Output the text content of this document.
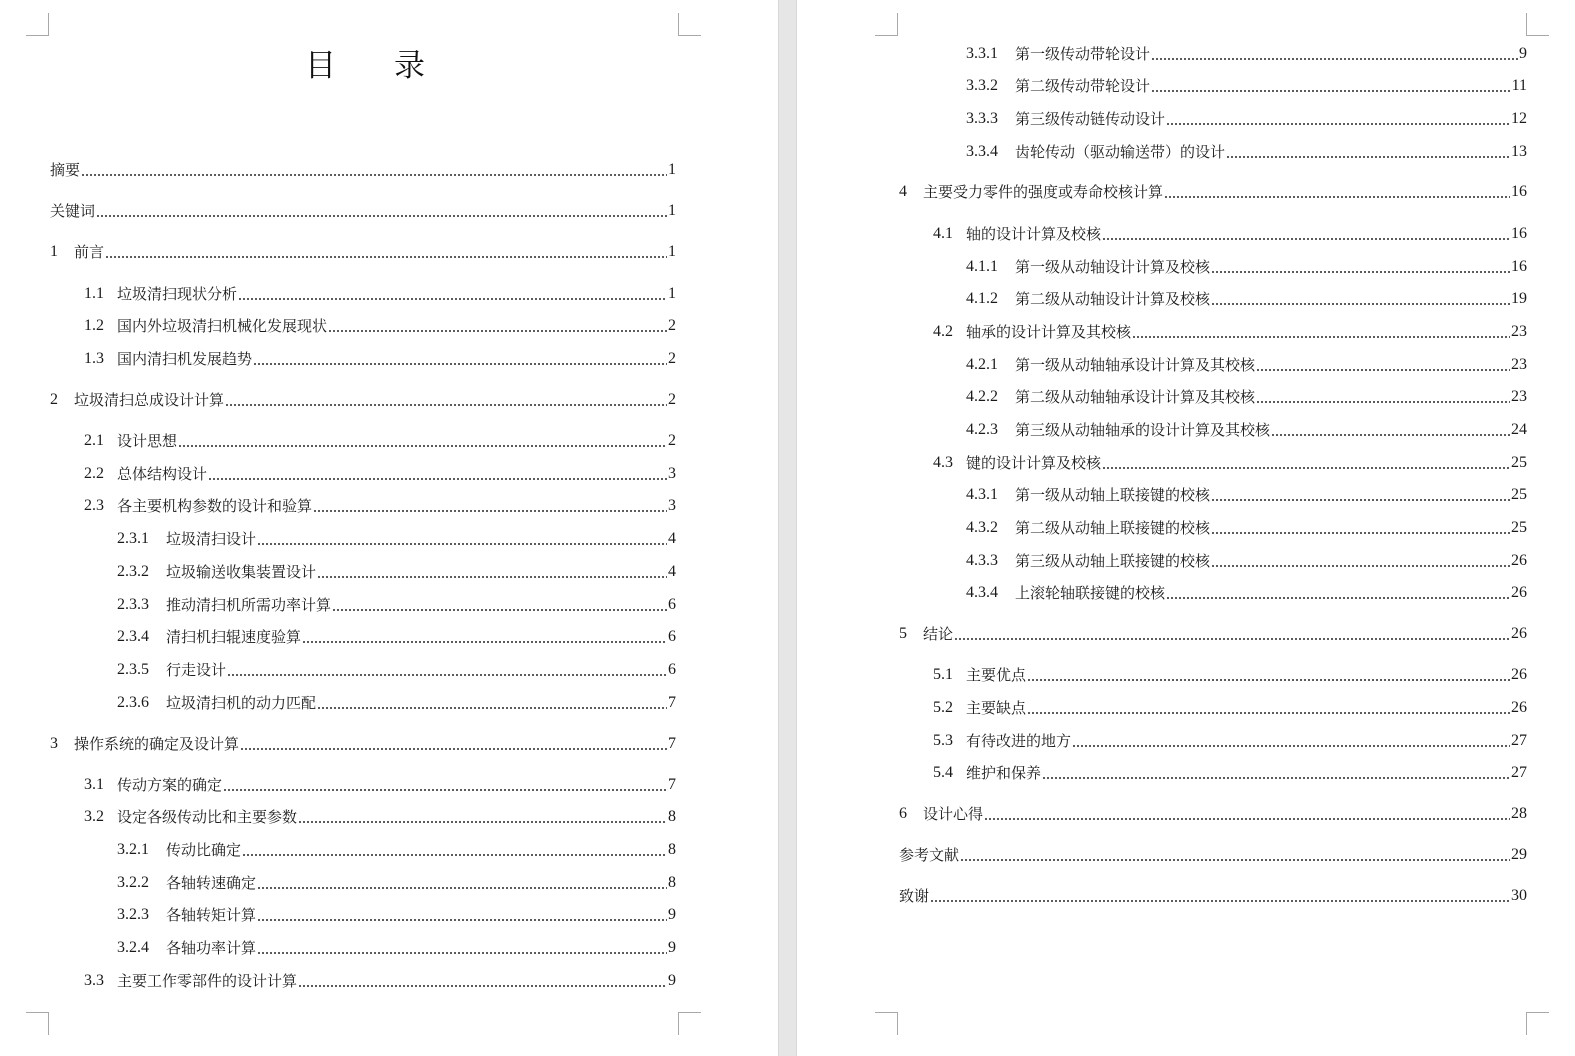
目录
摘要	1
关键词	1
1 前言	1
1.1 垃圾清扫现状分析	1
1.2 国内外垃圾清扫机械化发展现状	2
1.3 国内清扫机发展趋势	2
2 垃圾清扫总成设计计算	2
2.1 设计思想	2
2.2 总体结构设计	3
2.3 各主要机构参数的设计和验算	3
2.3.1 垃圾清扫设计	4
2.3.2 垃圾输送收集装置设计	4
2.3.3 推动清扫机所需功率计算	6
2.3.4 清扫机扫辊速度验算	6
2.3.5 行走设计	6
2.3.6 垃圾清扫机的动力匹配	7
3 操作系统的确定及设计算	7
3.1 传动方案的确定	7
3.2 设定各级传动比和主要参数	8
3.2.1 传动比确定	8
3.2.2 各轴转速确定	8
3.2.3 各轴转矩计算	9
3.2.4 各轴功率计算	9
3.3 主要工作零部件的设计计算	9
3.3.1 第一级传动带轮设计	9
3.3.2 第二级传动带轮设计	11
3.3.3 第三级传动链传动设计	12
3.3.4 齿轮传动（驱动输送带）的设计	13
4 主要受力零件的强度或寿命校核计算	16
4.1 轴的设计计算及校核	16
4.1.1 第一级从动轴设计计算及校核	16
4.1.2 第二级从动轴设计计算及校核	19
4.2 轴承的设计计算及其校核	23
4.2.1 第一级从动轴轴承设计计算及其校核	23
4.2.2 第二级从动轴轴承设计计算及其校核	23
4.2.3 第三级从动轴轴承的设计计算及其校核	24
4.3 键的设计计算及校核	25
4.3.1 第一级从动轴上联接键的校核	25
4.3.2 第二级从动轴上联接键的校核	25
4.3.3 第三级从动轴上联接键的校核	26
4.3.4 上滚轮轴联接键的校核	26
5 结论	26
5.1 主要优点	26
5.2 主要缺点	26
5.3 有待改进的地方	27
5.4 维护和保养	27
6 设计心得	28
参考文献	29
致谢	30
